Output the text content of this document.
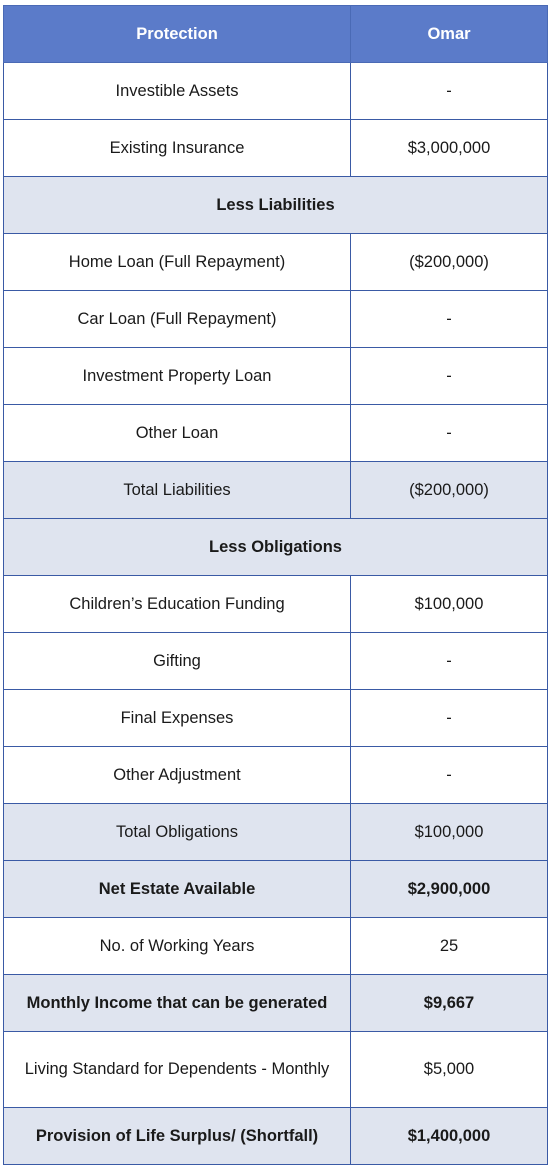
Protection	Omar
Investible Assets	-
Existing Insurance	$3,000,000
Less Liabilities	
Home Loan (Full Repayment)	($200,000)
Car Loan (Full Repayment)	-
Investment Property Loan	-
Other Loan	-
Total Liabilities	($200,000)
Less Obligations	
Children’s Education Funding	$100,000
Gifting	-
Final Expenses	-
Other Adjustment	-
Total Obligations	$100,000
Net Estate Available	$2,900,000
No. of Working Years	25
Monthly Income that can be generated	$9,667
Living Standard for Dependents - Monthly	$5,000
Provision of Life Surplus/ (Shortfall)	$1,400,000
